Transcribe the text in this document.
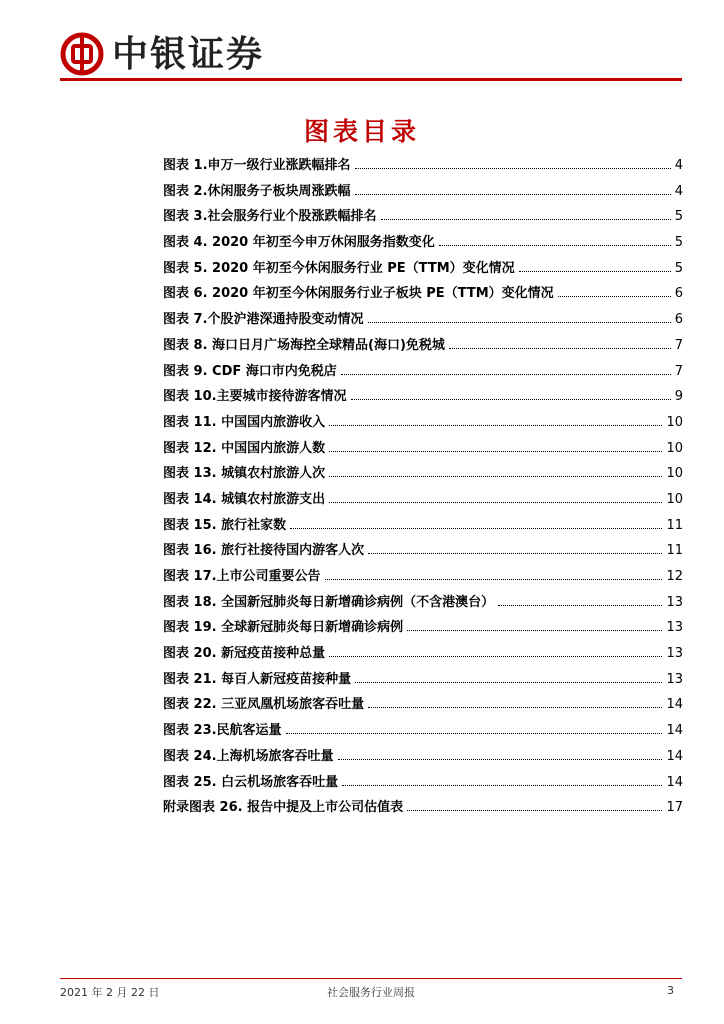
中银证券
图表目录
图表 1.申万一级行业涨跌幅排名	4
图表 2.休闲服务子板块周涨跌幅	4
图表 3.社会服务行业个股涨跌幅排名	5
图表 4. 2020 年初至今申万休闲服务指数变化	5
图表 5. 2020 年初至今休闲服务行业 PE（TTM）变化情况	5
图表 6. 2020 年初至今休闲服务行业子板块 PE（TTM）变化情况	6
图表 7.个股沪港深通持股变动情况	6
图表 8. 海口日月广场海控全球精品(海口)免税城	7
图表 9. CDF 海口市内免税店	7
图表 10.主要城市接待游客情况	9
图表 11. 中国国内旅游收入	10
图表 12. 中国国内旅游人数	10
图表 13. 城镇农村旅游人次	10
图表 14. 城镇农村旅游支出	10
图表 15. 旅行社家数	11
图表 16. 旅行社接待国内游客人次	11
图表 17.上市公司重要公告	12
图表 18. 全国新冠肺炎每日新增确诊病例（不含港澳台）	13
图表 19. 全球新冠肺炎每日新增确诊病例	13
图表 20. 新冠疫苗接种总量	13
图表 21. 每百人新冠疫苗接种量	13
图表 22. 三亚凤凰机场旅客吞吐量	14
图表 23.民航客运量	14
图表 24.上海机场旅客吞吐量	14
图表 25. 白云机场旅客吞吐量	14
附录图表 26. 报告中提及上市公司估值表	17
2021 年 2 月 22 日	社会服务行业周报	3
